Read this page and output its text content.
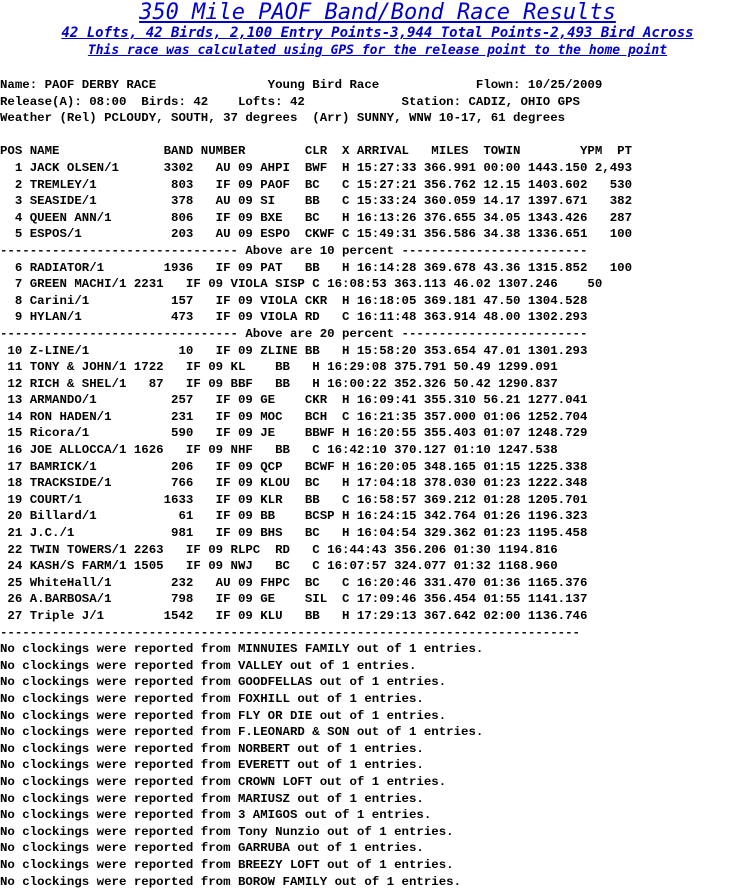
350 Mile PAOF Band/Bond Race Results
42 Lofts, 42 Birds, 2,100 Entry Points-3,944 Total Points-2,493 Bird Across
This race was calculated using GPS for the release point to the home point
Name: PAOF DERBY RACE               Young Bird Race             Flown: 10/25/2009
Release(A): 08:00  Birds: 42    Lofts: 42             Station: CADIZ, OHIO GPS
Weather (Rel) PCLOUDY, SOUTH, 37 degrees  (Arr) SUNNY, WNW 10-17, 61 degrees
POS NAME              BAND NUMBER        CLR  X ARRIVAL   MILES  TOWIN        YPM  PT
1 JACK OLSEN/1      3302   AU 09 AHPI  BWF  H 15:27:33 366.991 00:00 1443.150 2,493
2 TREMLEY/1          803   IF 09 PAOF  BC   C 15:27:21 356.762 12.15 1403.602   530
3 SEASIDE/1          378   AU 09 SI    BB   C 15:33:24 360.059 14.17 1397.671   382
4 QUEEN ANN/1        806   IF 09 BXE   BC   H 16:13:26 376.655 34.05 1343.426   287
5 ESPOS/1            203   AU 09 ESPO  CKWF C 15:49:31 356.586 34.38 1336.651   100
-------------------------------- Above are 10 percent -------------------------
6 RADIATOR/1        1936   IF 09 PAT   BB   H 16:14:28 369.678 43.36 1315.852   100
7 GREEN MACHI/1 2231   IF 09 VIOLA SISP C 16:08:53 363.113 46.02 1307.246    50
8 Carini/1           157   IF 09 VIOLA CKR  H 16:18:05 369.181 47.50 1304.528
9 HYLAN/1            473   IF 09 VIOLA RD   C 16:11:48 363.914 48.00 1302.293
-------------------------------- Above are 20 percent -------------------------
10 Z-LINE/1            10   IF 09 ZLINE BB   H 15:58:20 353.654 47.01 1301.293
11 TONY & JOHN/1 1722   IF 09 KL    BB   H 16:29:08 375.791 50.49 1299.091
12 RICH & SHEL/1   87   IF 09 BBF   BB   H 16:00:22 352.326 50.42 1290.837
13 ARMANDO/1          257   IF 09 GE    CKR  H 16:09:41 355.310 56.21 1277.041
14 RON HADEN/1        231   IF 09 MOC   BCH  C 16:21:35 357.000 01:06 1252.704
15 Ricora/1           590   IF 09 JE    BBWF H 16:20:55 355.403 01:07 1248.729
16 JOE ALLOCCA/1 1626   IF 09 NHF   BB   C 16:42:10 370.127 01:10 1247.538
17 BAMRICK/1          206   IF 09 QCP   BCWF H 16:20:05 348.165 01:15 1225.338
18 TRACKSIDE/1        766   IF 09 KLOU  BC   H 17:04:18 378.030 01:23 1222.348
19 COURT/1           1633   IF 09 KLR   BB   C 16:58:57 369.212 01:28 1205.701
20 Billard/1           61   IF 09 BB    BCSP H 16:24:15 342.764 01:26 1196.323
21 J.C./1             981   IF 09 BHS   BC   H 16:04:54 329.362 01:23 1195.458
22 TWIN TOWERS/1 2263   IF 09 RLPC  RD   C 16:44:43 356.206 01:30 1194.816
24 KASH/S FARM/1 1505   IF 09 NWJ   BC   C 16:07:57 324.077 01:32 1168.960
25 WhiteHall/1        232   AU 09 FHPC  BC   C 16:20:46 331.470 01:36 1165.376
26 A.BARBOSA/1        798   IF 09 GE    SIL  C 17:09:46 356.454 01:55 1141.137
27 Triple J/1        1542   IF 09 KLU   BB   H 17:29:13 367.642 02:00 1136.746
------------------------------------------------------------------------------
No clockings were reported from MINNUIES FAMILY out of 1 entries.
No clockings were reported from VALLEY out of 1 entries.
No clockings were reported from GOODFELLAS out of 1 entries.
No clockings were reported from FOXHILL out of 1 entries.
No clockings were reported from FLY OR DIE out of 1 entries.
No clockings were reported from F.LEONARD & SON out of 1 entries.
No clockings were reported from NORBERT out of 1 entries.
No clockings were reported from EVERETT out of 1 entries.
No clockings were reported from CROWN LOFT out of 1 entries.
No clockings were reported from MARIUSZ out of 1 entries.
No clockings were reported from 3 AMIGOS out of 1 entries.
No clockings were reported from Tony Nunzio out of 1 entries.
No clockings were reported from GARRUBA out of 1 entries.
No clockings were reported from BREEZY LOFT out of 1 entries.
No clockings were reported from BOROW FAMILY out of 1 entries.
